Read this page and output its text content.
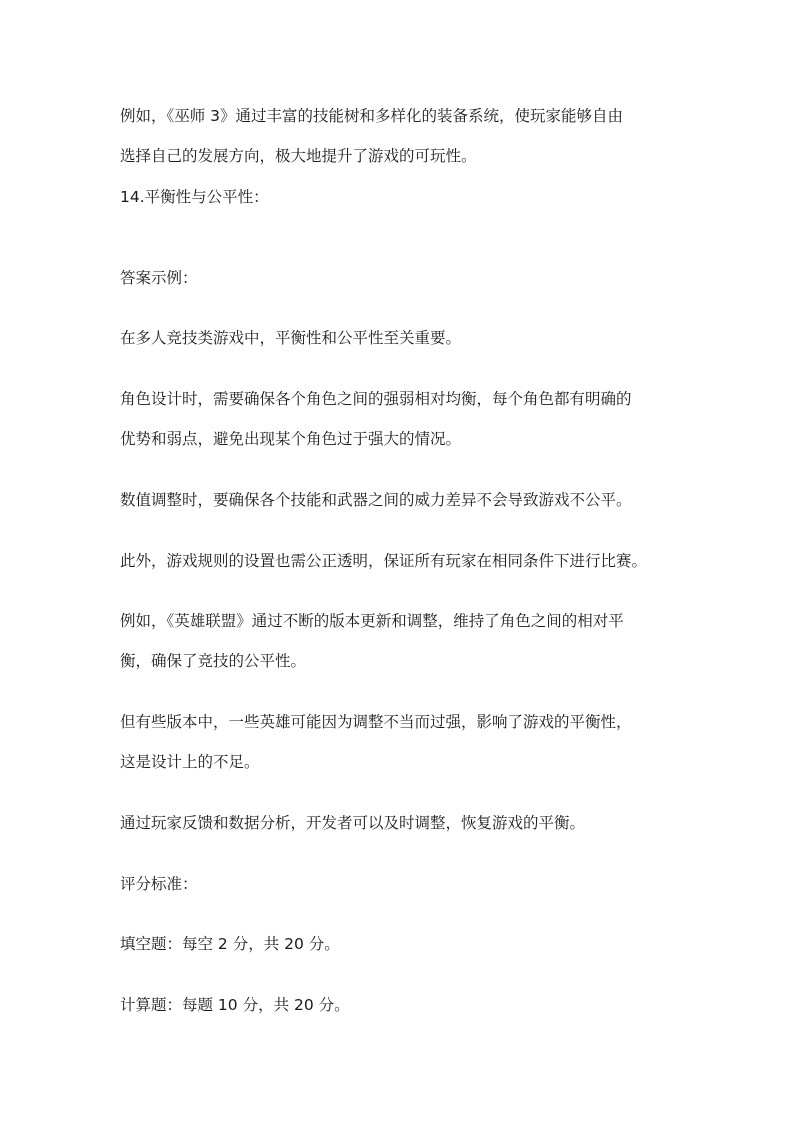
例如，《巫师 3》通过丰富的技能树和多样化的装备系统，使玩家能够自由
选择自己的发展方向，极大地提升了游戏的可玩性。

14.平衡性与公平性：

答案示例：

在多人竞技类游戏中，平衡性和公平性至关重要。

角色设计时，需要确保各个角色之间的强弱相对均衡，每个角色都有明确的
优势和弱点，避免出现某个角色过于强大的情况。

数值调整时，要确保各个技能和武器之间的威力差异不会导致游戏不公平。

此外，游戏规则的设置也需公正透明，保证所有玩家在相同条件下进行比赛。

例如，《英雄联盟》通过不断的版本更新和调整，维持了角色之间的相对平
衡，确保了竞技的公平性。

但有些版本中，一些英雄可能因为调整不当而过强，影响了游戏的平衡性，
这是设计上的不足。

通过玩家反馈和数据分析，开发者可以及时调整，恢复游戏的平衡。

评分标准：

填空题：每空 2 分，共 20 分。

计算题：每题 10 分，共 20 分。
